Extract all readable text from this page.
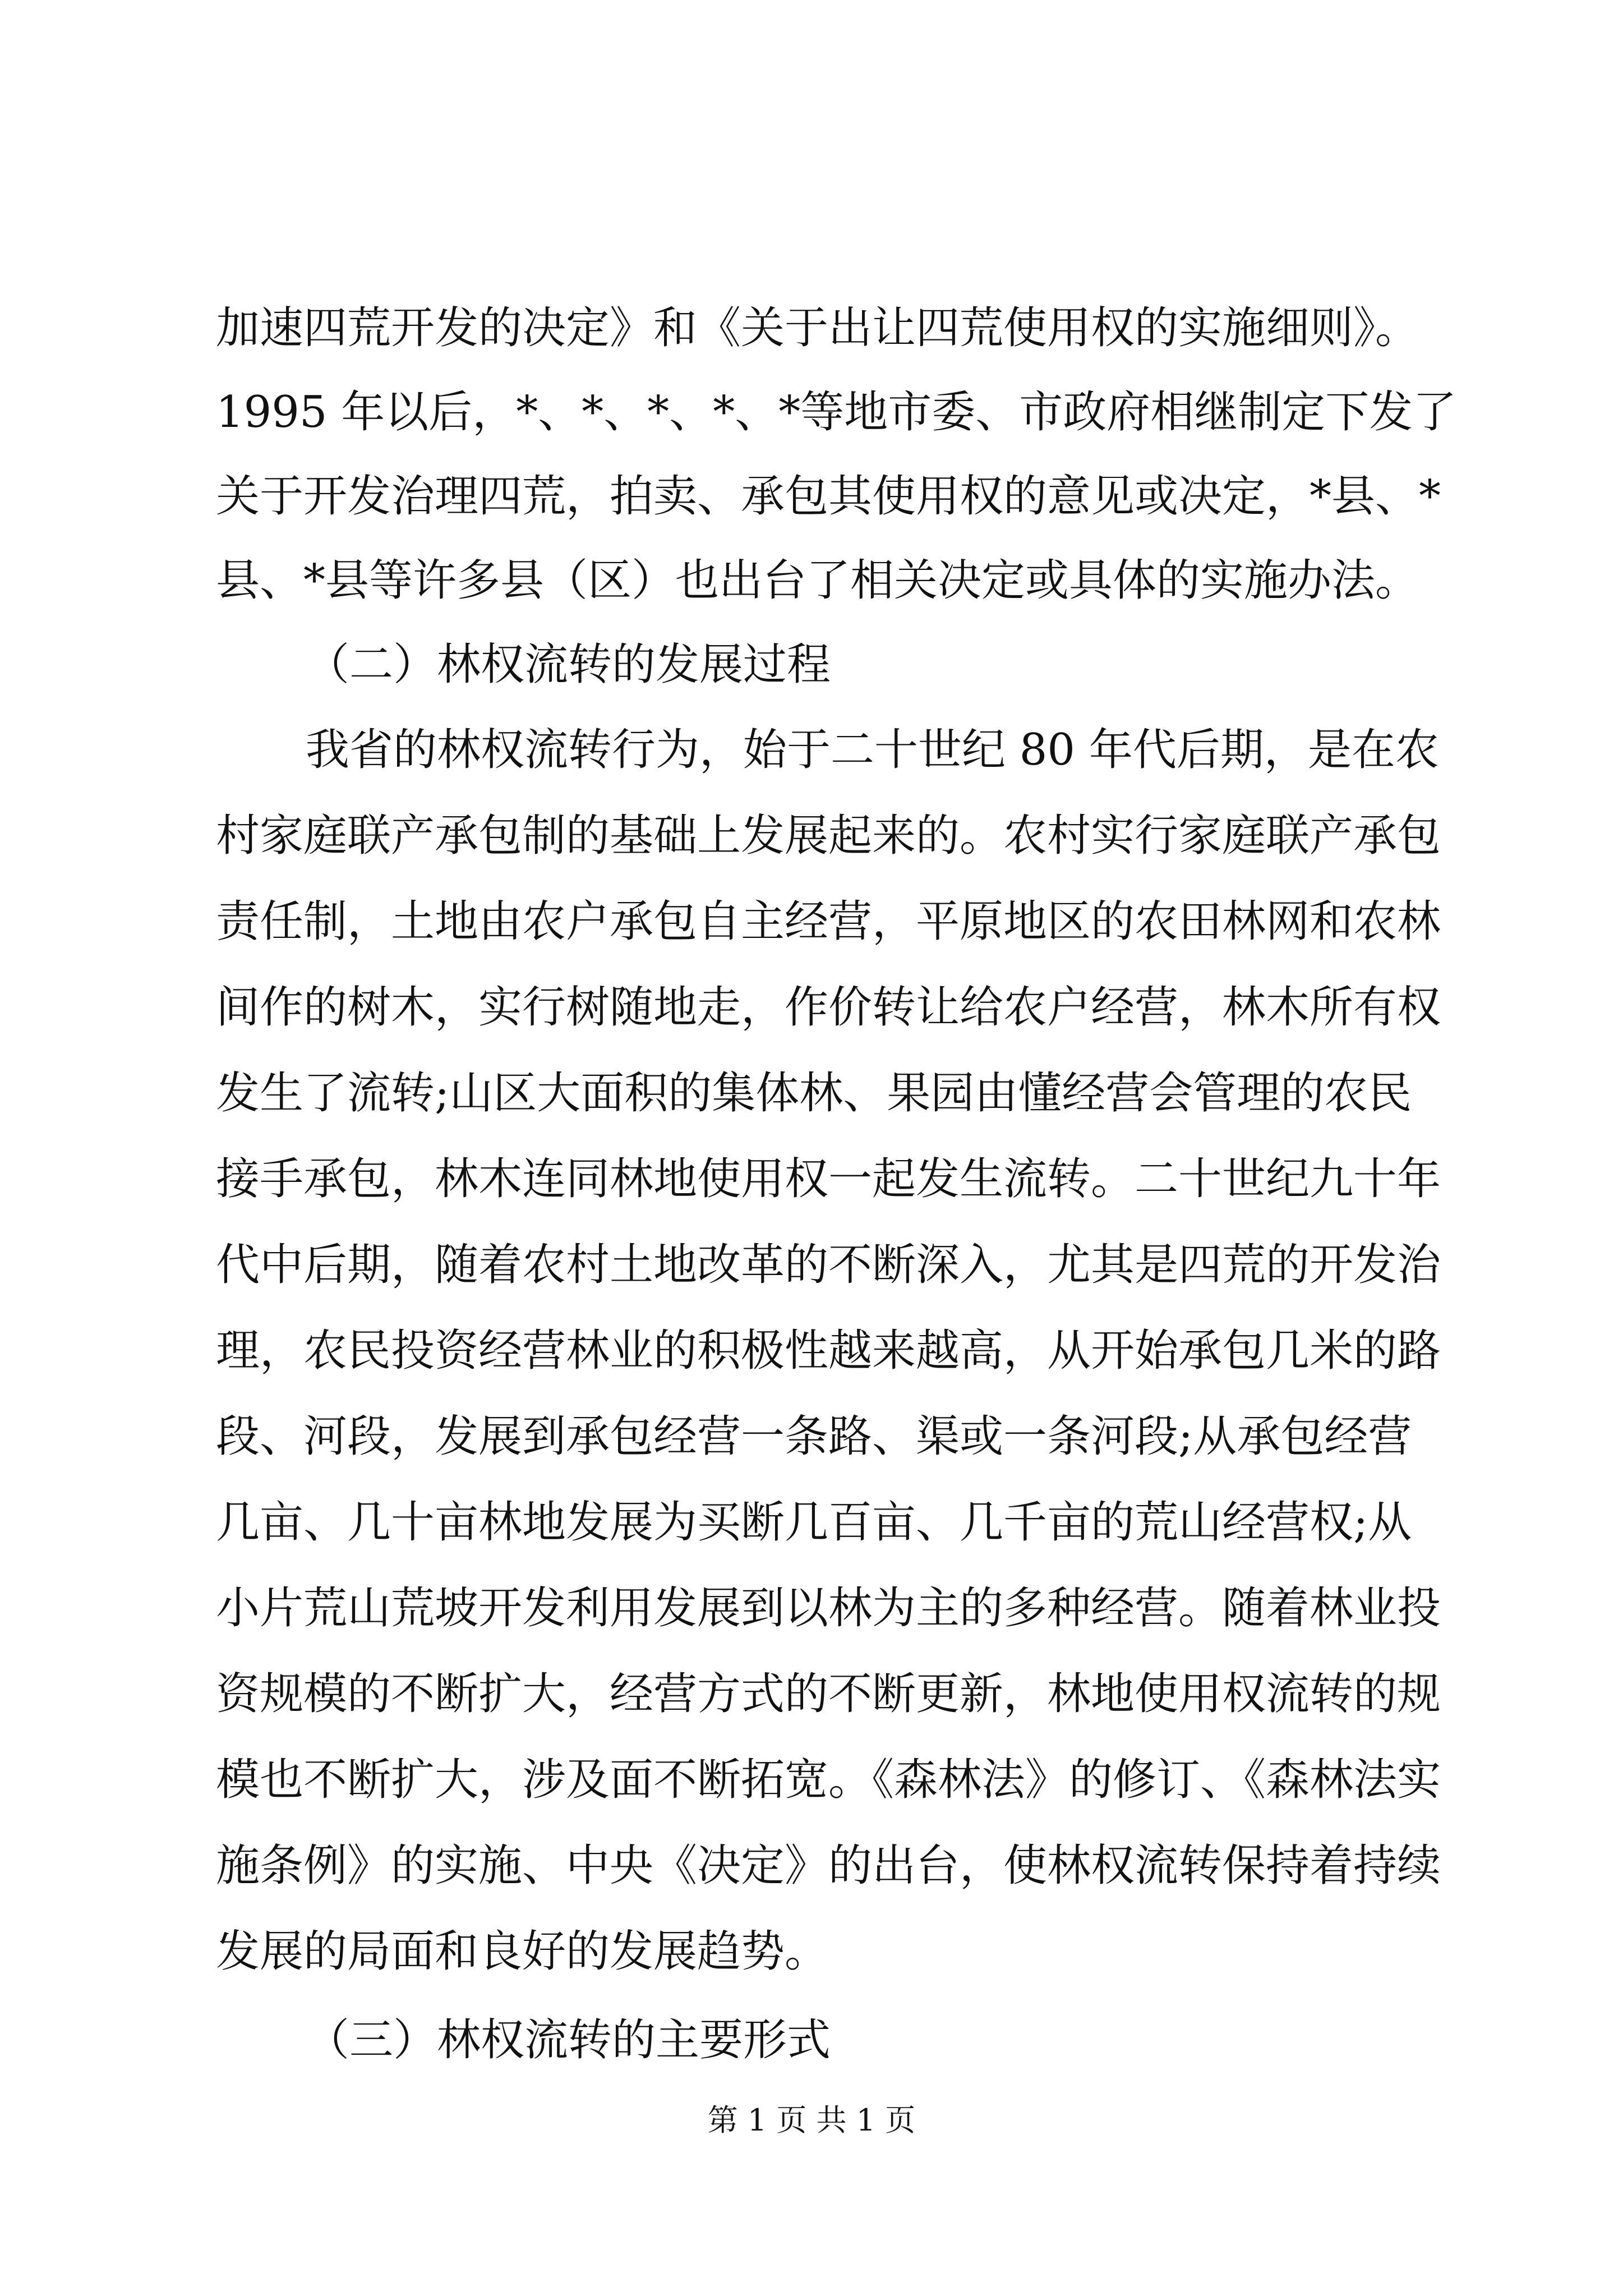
加速四荒开发的决定》和《关于出让四荒使用权的实施细则》。
1995 年以后，*、*、*、*、*等地市委、市政府相继制定下发了
关于开发治理四荒，拍卖、承包其使用权的意见或决定，*县、*
县、*县等许多县（区）也出台了相关决定或具体的实施办法。
（二）林权流转的发展过程
我省的林权流转行为，始于二十世纪 80 年代后期，是在农
村家庭联产承包制的基础上发展起来的。农村实行家庭联产承包
责任制，土地由农户承包自主经营，平原地区的农田林网和农林
间作的树木，实行树随地走，作价转让给农户经营，林木所有权
发生了流转;山区大面积的集体林、果园由懂经营会管理的农民
接手承包，林木连同林地使用权一起发生流转。二十世纪九十年
代中后期，随着农村土地改革的不断深入，尤其是四荒的开发治
理，农民投资经营林业的积极性越来越高，从开始承包几米的路
段、河段，发展到承包经营一条路、渠或一条河段;从承包经营
几亩、几十亩林地发展为买断几百亩、几千亩的荒山经营权;从
小片荒山荒坡开发利用发展到以林为主的多种经营。随着林业投
资规模的不断扩大，经营方式的不断更新，林地使用权流转的规
模也不断扩大，涉及面不断拓宽。《森林法》的修订、《森林法实
施条例》的实施、中央《决定》的出台，使林权流转保持着持续
发展的局面和良好的发展趋势。
（三）林权流转的主要形式
第 1 页 共 1 页
